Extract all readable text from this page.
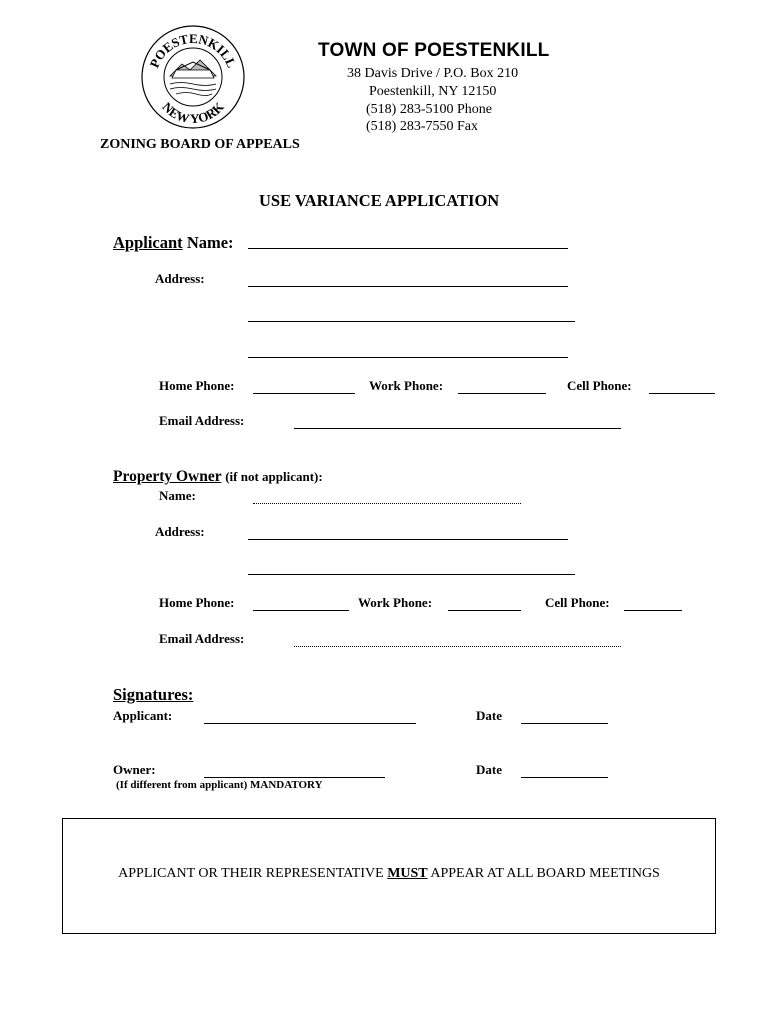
POESTENKILL
NEW YORK
TOWN OF POESTENKILL
38 Davis Drive / P.O. Box 210
Poestenkill, NY 12150
(518) 283-5100 Phone
(518) 283-7550 Fax
ZONING BOARD OF APPEALS
USE VARIANCE APPLICATION
Applicant Name:
Address:
Home Phone:	Work Phone:	Cell Phone:
Email Address:
Property Owner (if not applicant):
Name:
Address:
Home Phone:	Work Phone:	Cell Phone:
Email Address:
Signatures:
Applicant:	Date
Owner:	Date
(If different from applicant) MANDATORY
APPLICANT OR THEIR REPRESENTATIVE MUST APPEAR AT ALL BOARD MEETINGS
